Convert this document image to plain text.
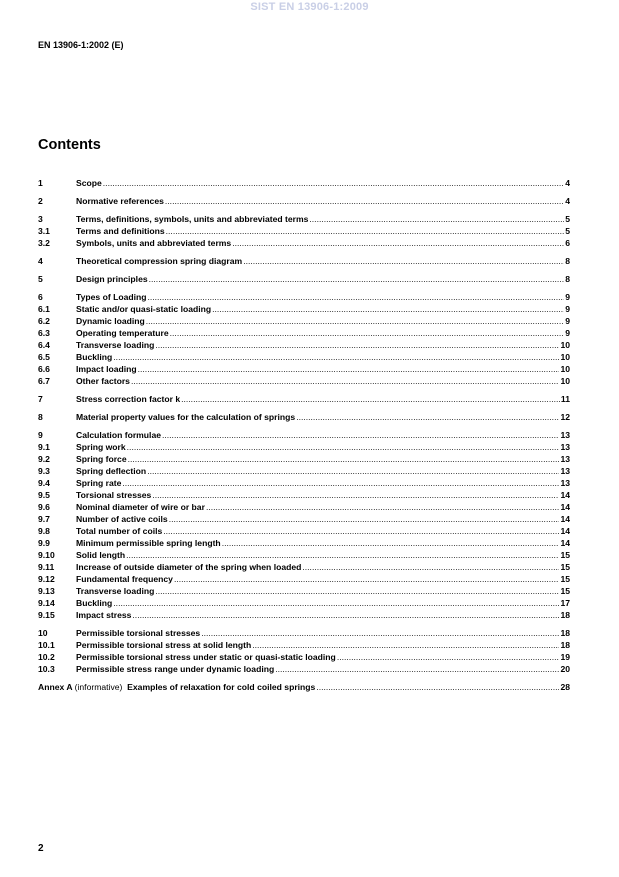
SIST EN 13906-1:2009
EN 13906-1:2002 (E)
Contents
1	Scope .....	4
2	Normative references .....	4
3	Terms, definitions, symbols, units and abbreviated terms .....	5
3.1	Terms and definitions .....	5
3.2	Symbols, units and abbreviated terms .....	6
4	Theoretical compression spring diagram .....	8
5	Design principles .....	8
6	Types of Loading .....	9
6.1	Static and/or quasi-static loading .....	9
6.2	Dynamic loading .....	9
6.3	Operating temperature .....	9
6.4	Transverse loading .....	10
6.5	Buckling .....	10
6.6	Impact loading .....	10
6.7	Other factors .....	10
7	Stress correction factor k .....	11
8	Material property values for the calculation of springs .....	12
9	Calculation formulae .....	13
9.1	Spring work .....	13
9.2	Spring force .....	13
9.3	Spring deflection .....	13
9.4	Spring rate .....	13
9.5	Torsional stresses .....	14
9.6	Nominal diameter of wire or bar .....	14
9.7	Number of active coils .....	14
9.8	Total number of coils .....	14
9.9	Minimum permissible spring length .....	14
9.10	Solid length .....	15
9.11	Increase of outside diameter of the spring when loaded .....	15
9.12	Fundamental frequency .....	15
9.13	Transverse loading .....	15
9.14	Buckling .....	17
9.15	Impact stress .....	18
10	Permissible torsional stresses .....	18
10.1	Permissible torsional stress at solid length .....	18
10.2	Permissible torsional stress under static or quasi-static loading .....	19
10.3	Permissible stress range under dynamic loading .....	20
Annex A (informative) Examples of relaxation for cold coiled springs .....	28
2
